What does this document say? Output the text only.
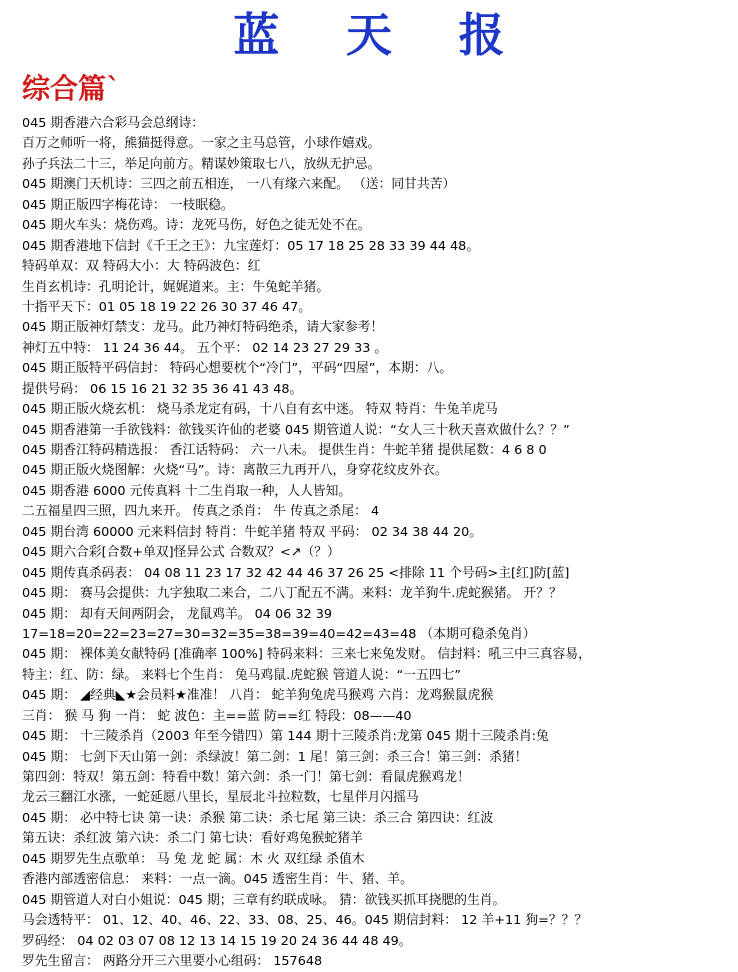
蓝 天 报
综合篇`
045 期香港六合彩马会总纲诗：
百万之师听一将，熊猫挺得意。一家之主马总管，小球作嬉戏。
孙子兵法二十三，举足向前方。精谋妙策取七八，放纵无护忌。
045 期澳门天机诗：三四之前五相连， 一八有缘六来配。 （送：同甘共苦）
045 期正版四字梅花诗： 一枝眠稳。
045 期火车头：烧伤鸡。诗：龙死马伤，好色之徒无处不在。
045 期香港地下信封《千王之王》：九宝莲灯：05 17 18 25 28 33 39 44 48。
特码单双：双 特码大小：大 特码波色：红
生肖玄机诗：孔明论计，娓娓道来。主：牛兔蛇羊猪。
十指平天下：01 05 18 19 22 26 30 37 46 47。
045 期正版神灯禁支：龙马。此乃神灯特码绝杀，请大家参考！
神灯五中特： 11 24 36 44。 五个平： 02 14 23 27 29 33 。
045 期正版特平码信封： 特码心想要枕个“冷门”，平码“四屋”，本期：八。
提供号码： 06 15 16 21 32 35 36 41 43 48。
045 期正版火烧玄机： 烧马杀龙定有码，十八自有玄中迷。 特双 特肖：牛兔羊虎马
045 期香港第一手欲钱料：欲钱买许仙的老婆 045 期管道人说：“女人三十秋天喜欢做什么？？”
045 期香江特码精选报： 香江话特码： 六一八未。 提供生肖：牛蛇羊猪 提供尾数：4 6 8 0
045 期正版火烧图解：火烧“马”。诗：离散三九再开八，身穿花纹皮外衣。
045 期香港 6000 元传真料 十二生肖取一种，人人皆知。
二五福星四三照，四九来开。 传真之杀肖： 牛 传真之杀尾： 4
045 期台湾 60000 元来料信封 特肖：牛蛇羊猪 特双 平码： 02 34 38 44 20。
045 期六合彩[合数+单双]怪异公式 合数双？<↗（？）
045 期传真杀码表： 04 08 11 23 17 32 42 44 46 37 26 25 <排除 11 个号码>主[红]防[蓝]
045 期： 赛马会提供：九字独取二来合，二八丁配五不满。来料：龙羊狗牛.虎蛇猴猪。 开？？
045 期： 却有天间两阴会， 龙鼠鸡羊。 04 06 32 39
17=18=20=22=23=27=30=32=35=38=39=40=42=43=48 （本期可稳杀兔肖）
045 期： 裸体美女献特码 [准确率 100%] 特码来料：三来七来兔发财。 信封料：吼三中三真容易，
特主：红、防：绿。 来料七个生肖： 兔马鸡鼠.虎蛇猴 管道人说：“一五四七”
045 期： ◢经典◣★会员料★准准！ 八肖： 蛇羊狗兔虎马猴鸡 六肖：龙鸡猴鼠虎猴
三肖： 猴 马 狗 一肖： 蛇 波色：主==蓝 防==红 特段：08——40
045 期： 十三陵杀肖（2003 年至今错四）第 144 期十三陵杀肖:龙第 045 期十三陵杀肖:兔
045 期： 七剑下天山第一剑：杀绿波！第二剑：1 尾！第三剑：杀三合！第三剑：杀猪！
第四剑：特双！第五剑：特看中数！第六剑：杀一门！第七剑：看鼠虎猴鸡龙！
龙云三翻江水涨，一蛇延愿八里长，星辰北斗拉粒数，七星伴月闪摇马
045 期： 必中特七诀 第一诀：杀猴 第二诀：杀七尾 第三诀：杀三合 第四诀：红波
第五诀：杀红波 第六诀：杀二门 第七诀：看好鸡兔猴蛇猪羊
045 期罗先生点歌单： 马 兔 龙 蛇 属：木 火 双红绿 杀值木
香港内部透密信息： 来料：一点一滴。045 透密生肖：牛、猪、羊。
045 期管道人对白小姐说：045 期；三章有约联成咏。 猜：欲钱买抓耳挠腮的生肖。
马会透特平： 01、12、40、46、22、33、08、25、46。045 期信封料： 12 羊+11 狗=？？？
罗码经： 04 02 03 07 08 12 13 14 15 19 20 24 36 44 48 49。
罗先生留言： 两路分开三六里要小心组码： 157648
